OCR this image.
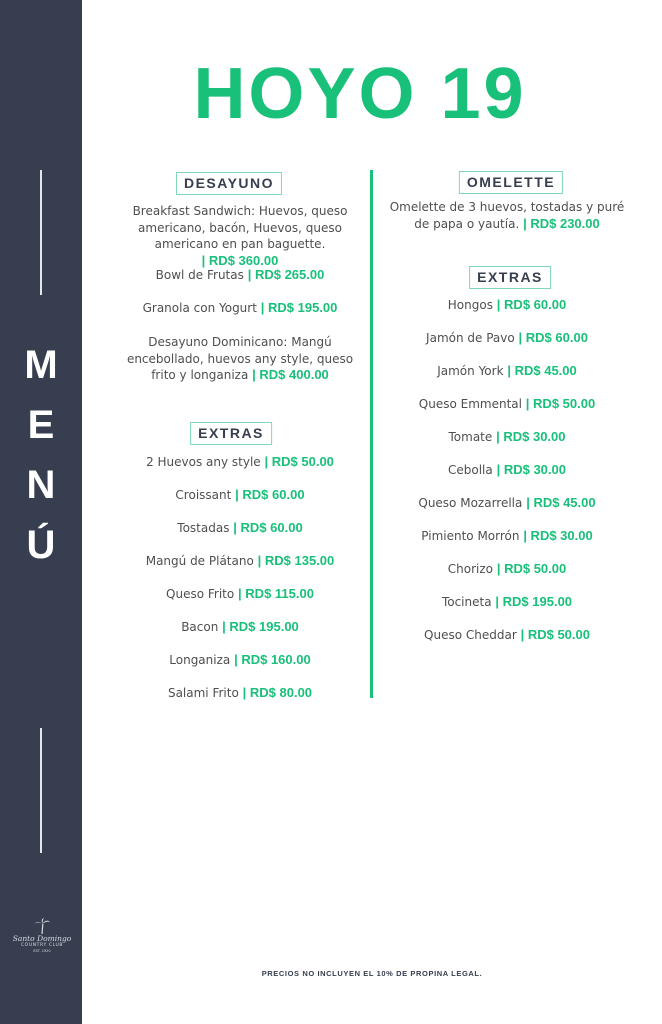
M
E
N
Ú
Santo Domingo
COUNTRY CLUB
EST. 1920
HOYO 19
DESAYUNO
Breakfast Sandwich: Huevos, queso americano, bacón, Huevos, queso americano en pan baguette. | RD$ 360.00
Bowl de Frutas | RD$ 265.00
Granola con Yogurt | RD$ 195.00
Desayuno Dominicano: Mangú encebollado, huevos any style, queso frito y longaniza | RD$ 400.00
EXTRAS
2 Huevos any style | RD$ 50.00
Croissant | RD$ 60.00
Tostadas | RD$ 60.00
Mangú de Plátano | RD$ 135.00
Queso Frito | RD$ 115.00
Bacon | RD$ 195.00
Longaniza | RD$ 160.00
Salami Frito | RD$ 80.00
OMELETTE
Omelette de 3 huevos, tostadas y puré de papa o yautía. | RD$ 230.00
EXTRAS
Hongos | RD$ 60.00
Jamón de Pavo | RD$ 60.00
Jamón York | RD$ 45.00
Queso Emmental | RD$ 50.00
Tomate | RD$ 30.00
Cebolla | RD$ 30.00
Queso Mozarrella | RD$ 45.00
Pimiento Morrón | RD$ 30.00
Chorizo | RD$ 50.00
Tocineta | RD$ 195.00
Queso Cheddar | RD$ 50.00
PRECIOS NO INCLUYEN EL 10% DE PROPINA LEGAL.
